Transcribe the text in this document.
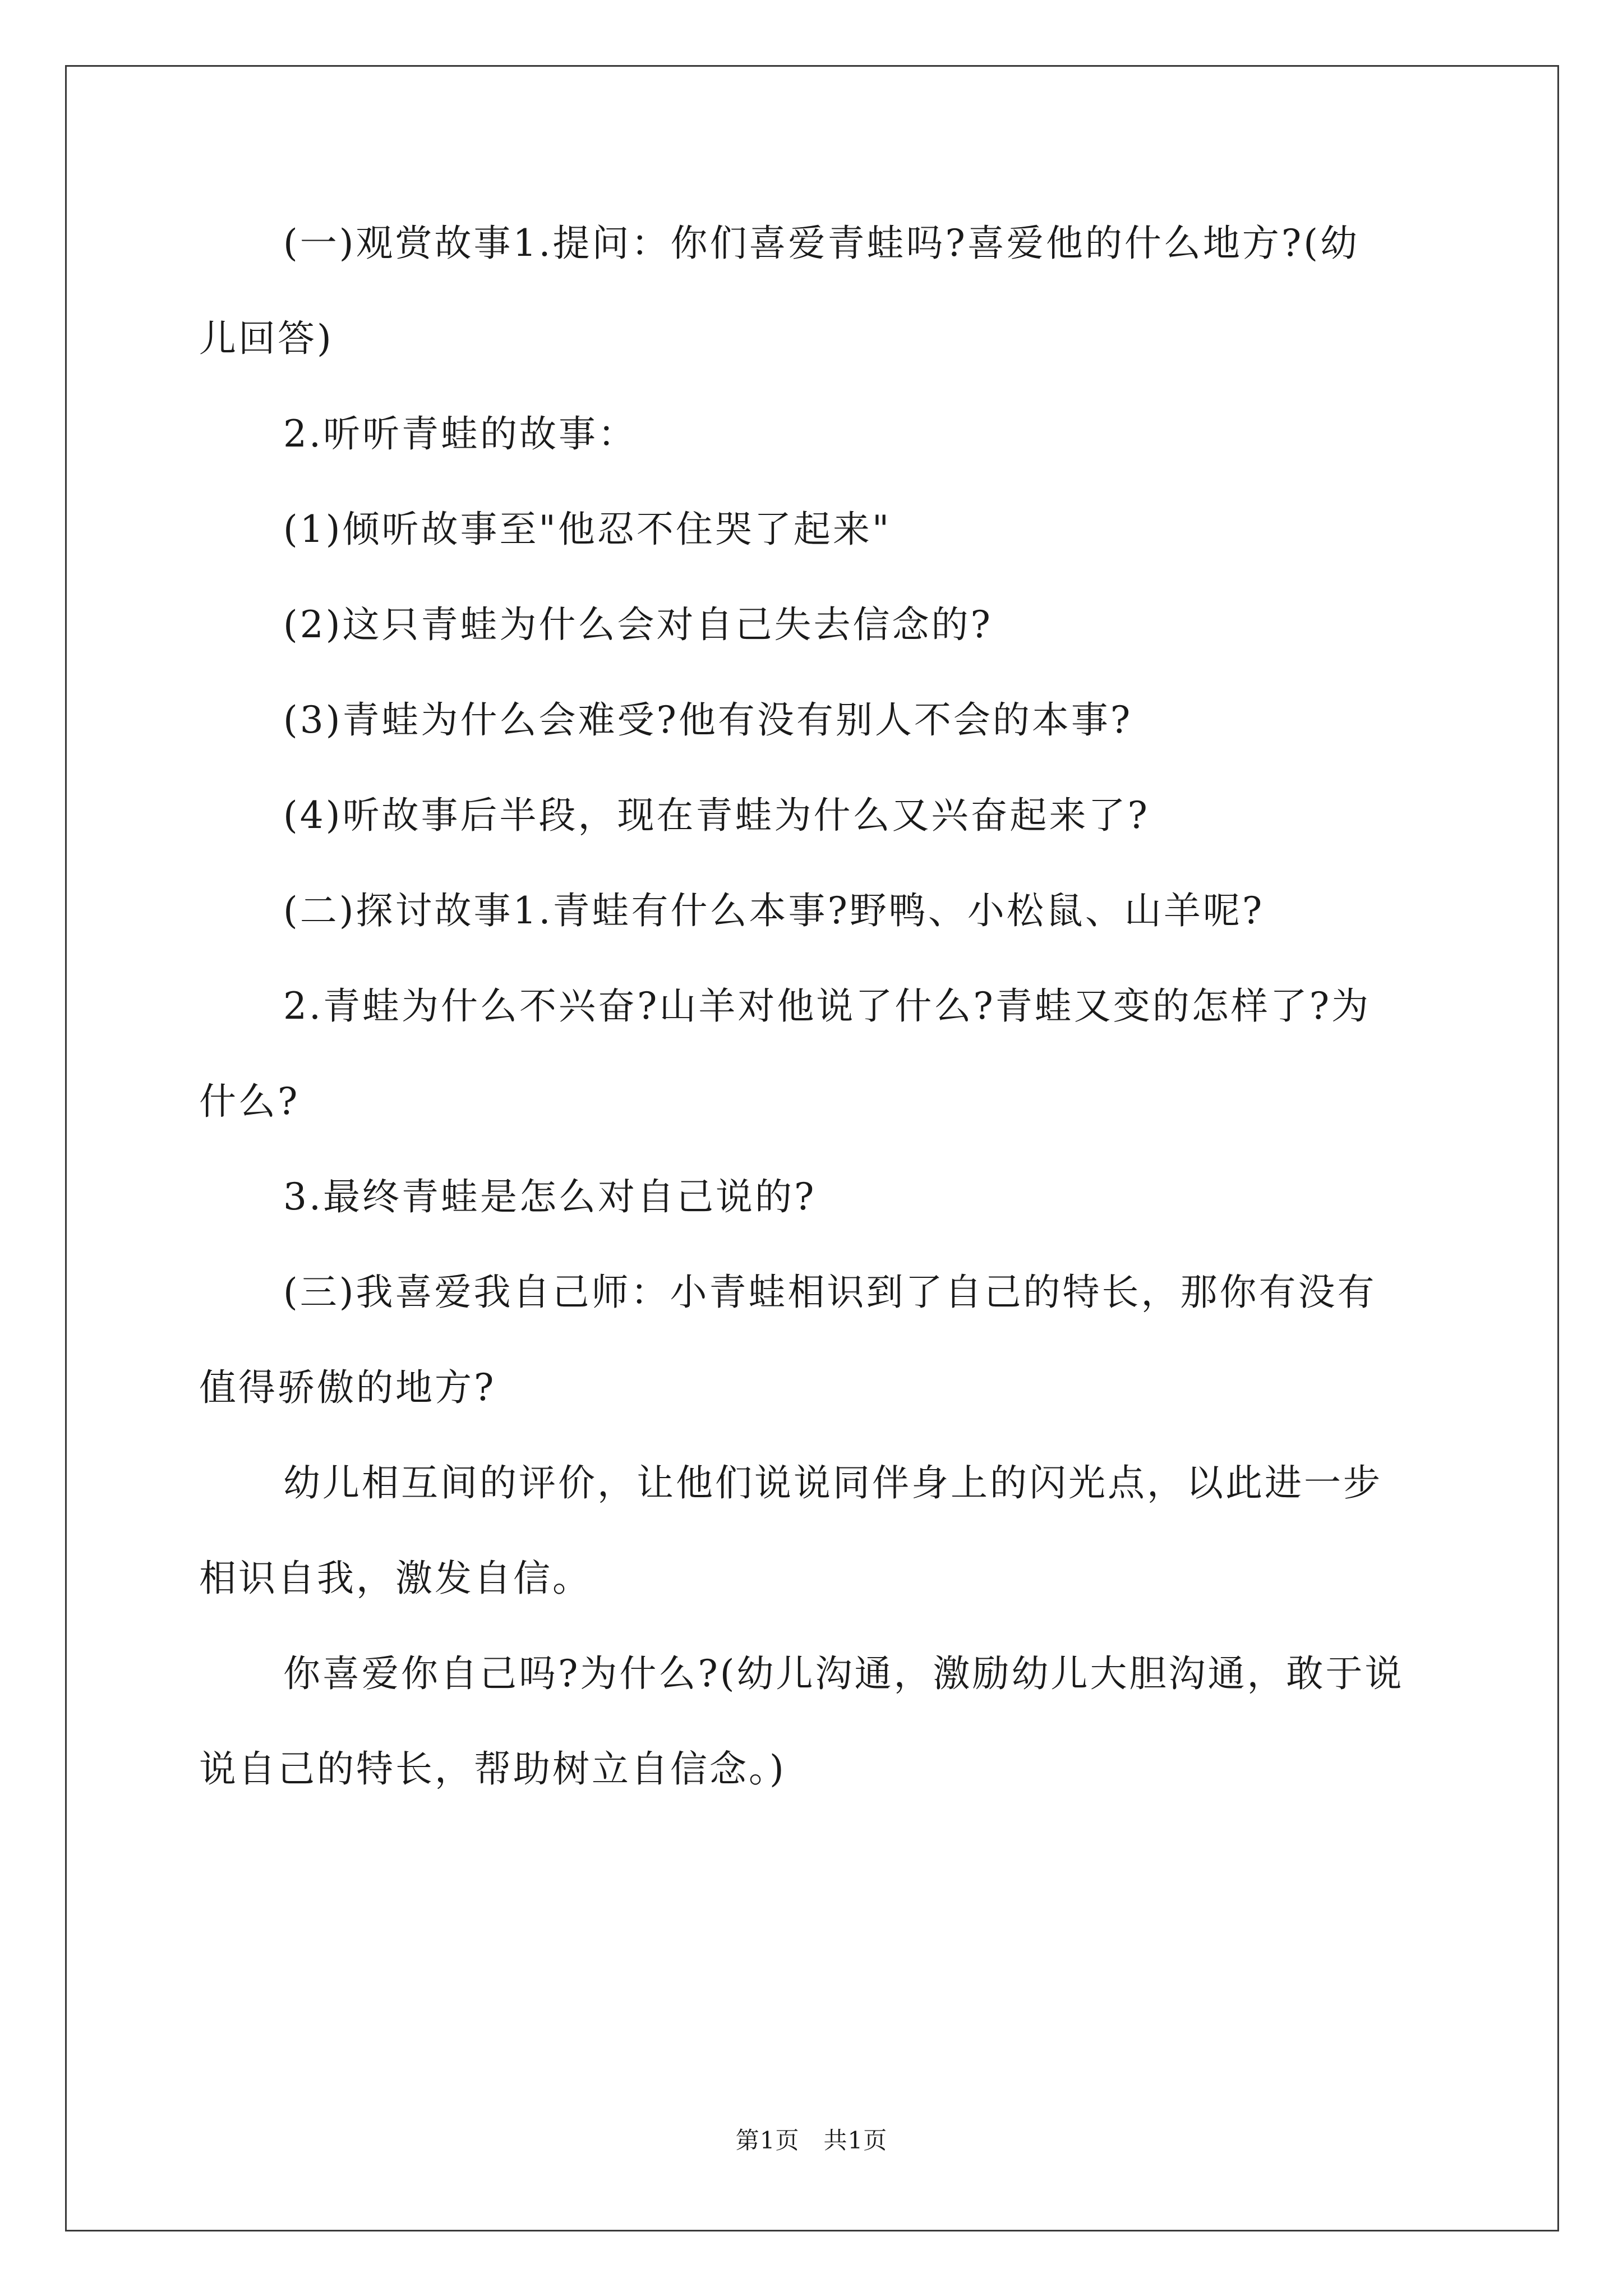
(一)观赏故事1.提问：你们喜爱青蛙吗?喜爱他的什么地方?(幼
儿回答)
2.听听青蛙的故事：
(1)倾听故事至"他忍不住哭了起来"
(2)这只青蛙为什么会对自己失去信念的?
(3)青蛙为什么会难受?他有没有别人不会的本事?
(4)听故事后半段，现在青蛙为什么又兴奋起来了?
(二)探讨故事1.青蛙有什么本事?野鸭、小松鼠、山羊呢?
2.青蛙为什么不兴奋?山羊对他说了什么?青蛙又变的怎样了?为
什么?
3.最终青蛙是怎么对自己说的?
(三)我喜爱我自己师：小青蛙相识到了自己的特长，那你有没有
值得骄傲的地方?
幼儿相互间的评价，让他们说说同伴身上的闪光点，以此进一步
相识自我，激发自信。
你喜爱你自己吗?为什么?(幼儿沟通，激励幼儿大胆沟通，敢于说
说自己的特长，帮助树立自信念。)
第1页　共1页
